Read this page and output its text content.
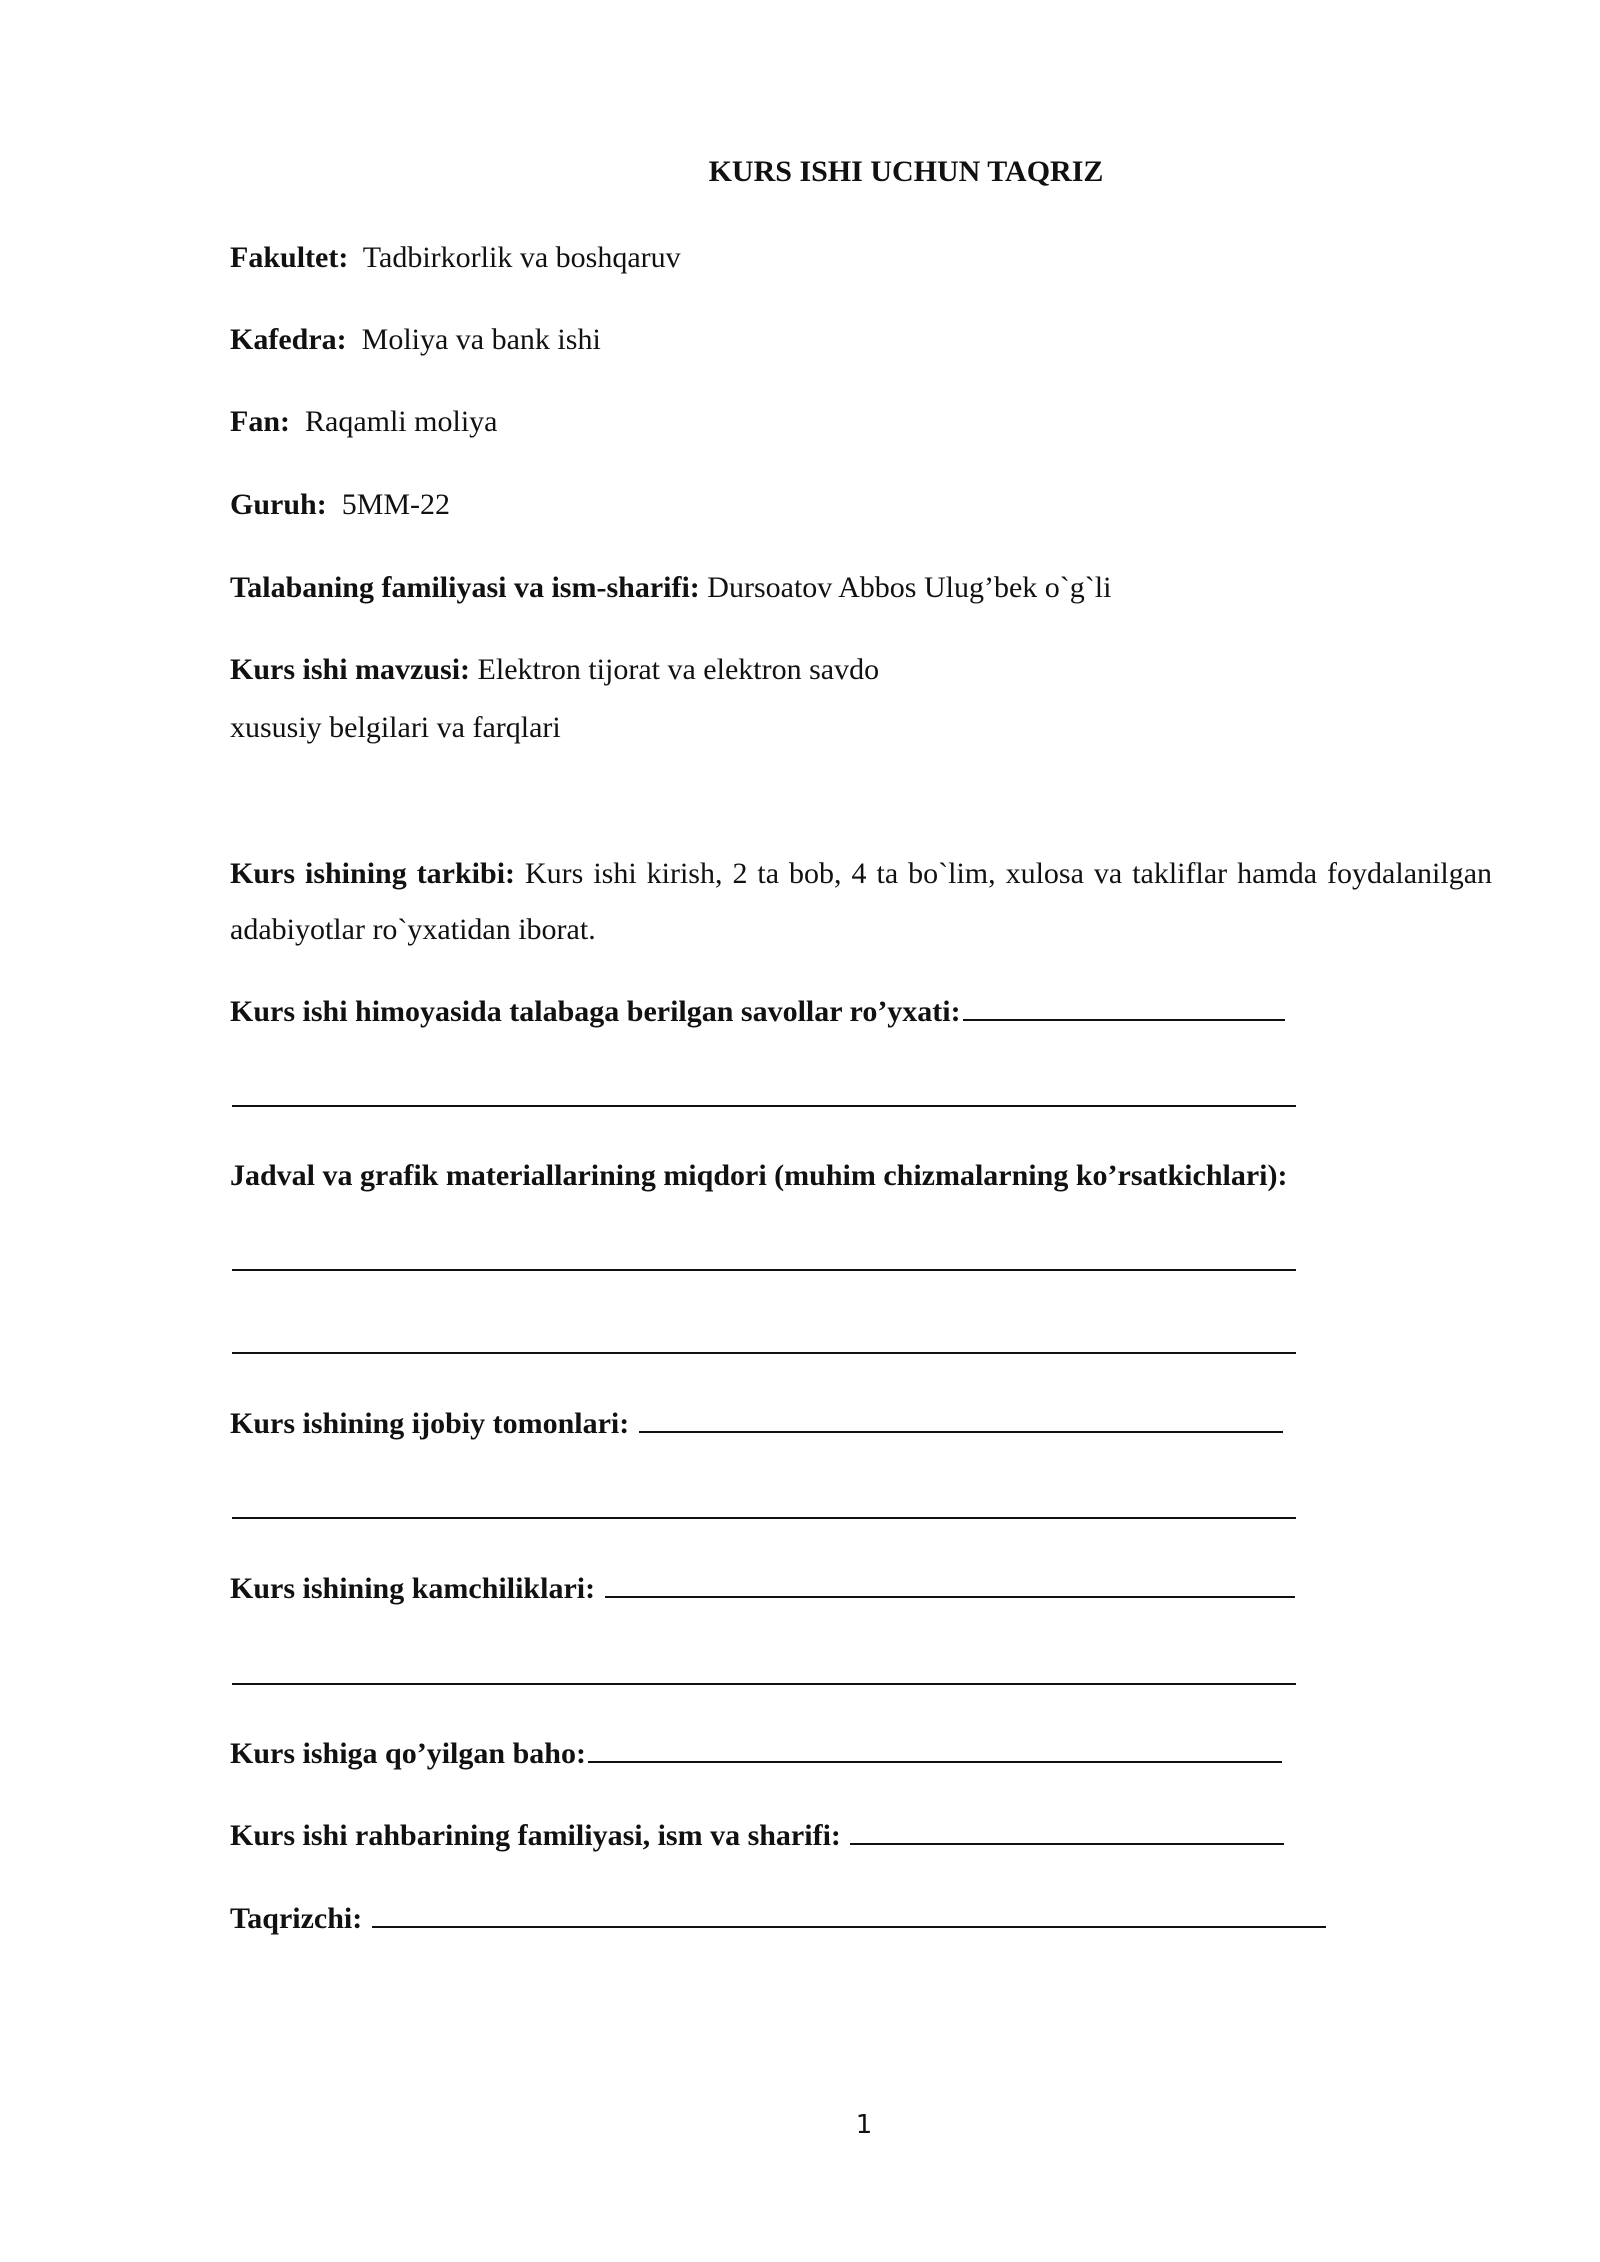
KURS ISHI UCHUN TAQRIZ
Fakultet: Tadbirkorlik va boshqaruv
Kafedra: Moliya va bank ishi
Fan: Raqamli moliya
Guruh: 5MM-22
Talabaning familiyasi va ism-sharifi: Dursoatov Abbos Ulug’bek o`g`li
Kurs ishi mavzusi: Elektron tijorat va elektron savdo
xususiy belgilari va farqlari
Kurs ishining tarkibi: Kurs ishi kirish, 2 ta bob, 4 ta bo`lim, xulosa va takliflar hamda foydalanilgan adabiyotlar ro`yxatidan iborat.
Kurs ishi himoyasida talabaga berilgan savollar ro’yxati:
Jadval va grafik materiallarining miqdori (muhim chizmalarning ko’rsatkichlari):
Kurs ishining ijobiy tomonlari:
Kurs ishining kamchiliklari:
Kurs ishiga qo’yilgan baho:
Kurs ishi rahbarining familiyasi, ism va sharifi:
Taqrizchi:
1
